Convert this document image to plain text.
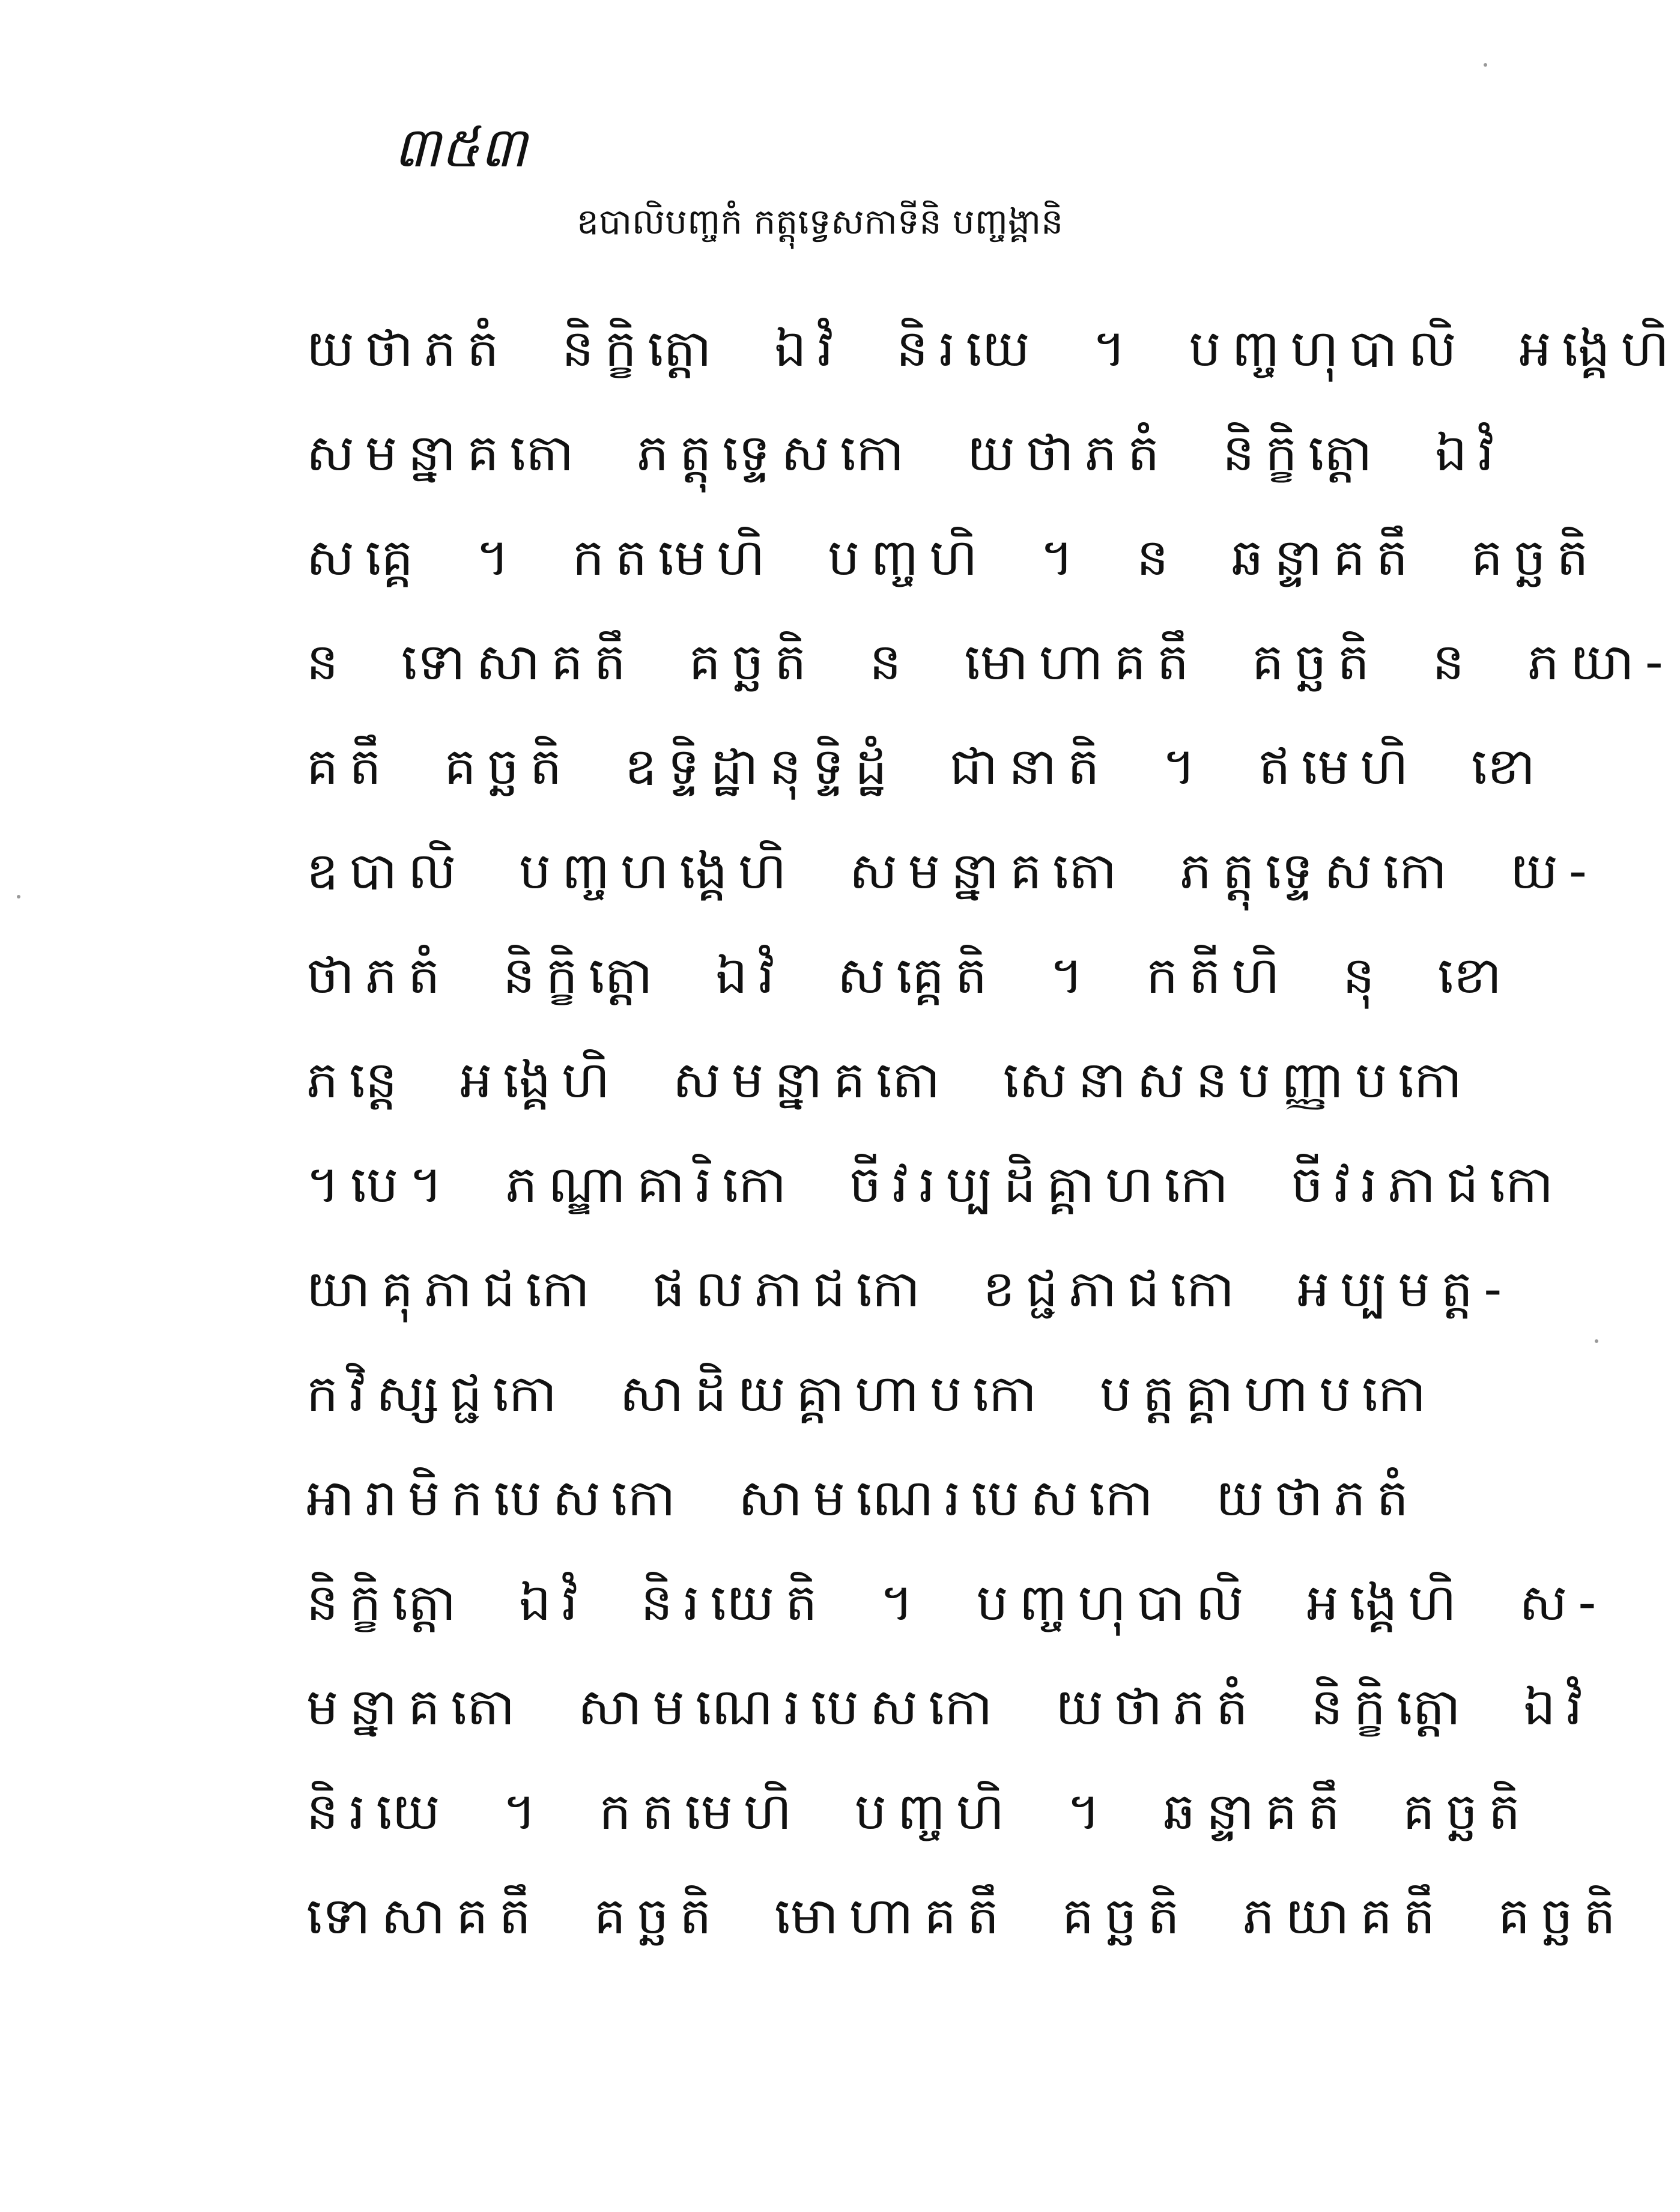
៣៥៣
ឧបាលិបញ្ចកំ កត្តុទ្វេសកាទីនិ បញ្ចង្គានិ
យថាភតំ និក្ខិត្តោ ឯវំ និរយេ ។ បញ្ចហុបាលិ អង្គេហិ
សមន្នាគតោ ភត្តុទ្ទេសកោ យថាភតំ និក្ខិត្តោ ឯវំ
សគ្គេ ។ កតមេហិ បញ្ចហិ ។ ន ឆន្ទាគតឹ គច្ឆតិ
ន ទោសាគតឹ គច្ឆតិ ន មោហាគតឹ គច្ឆតិ ន ភយា-
គតឹ គច្ឆតិ ឧទ្ទិដ្ឋានុទ្ទិដ្ឋំ ជានាតិ ។ ឥមេហិ ខោ
ឧបាលិ បញ្ចហង្គេហិ សមន្នាគតោ ភត្តុទ្ទេសកោ យ-
ថាភតំ និក្ខិត្តោ ឯវំ សគ្គេតិ ។ កតីហិ នុ ខោ
ភន្តេ អង្គេហិ សមន្នាគតោ សេនាសនបញ្ញាបកោ
។បេ។ ភណ្ឌាគារិកោ ចីវរប្បដិគ្គាហកោ ចីវរភាជកោ
យាគុភាជកោ ផលភាជកោ ខជ្ជភាជកោ អប្បមត្ត-
កវិស្សជ្ជកោ សាដិយគ្គាហាបកោ បត្តគ្គាហាបកោ
អារាមិកបេសកោ សាមណេរបេសកោ យថាភតំ
និក្ខិត្តោ ឯវំ និរយេតិ ។ បញ្ចហុបាលិ អង្គេហិ ស-
មន្នាគតោ សាមណេរបេសកោ យថាភតំ និក្ខិត្តោ ឯវំ
និរយេ ។ កតមេហិ បញ្ចហិ ។ ឆន្ទាគតឹ គច្ឆតិ
ទោសាគតឹ គច្ឆតិ មោហាគតឹ គច្ឆតិ ភយាគតឹ គច្ឆតិ
